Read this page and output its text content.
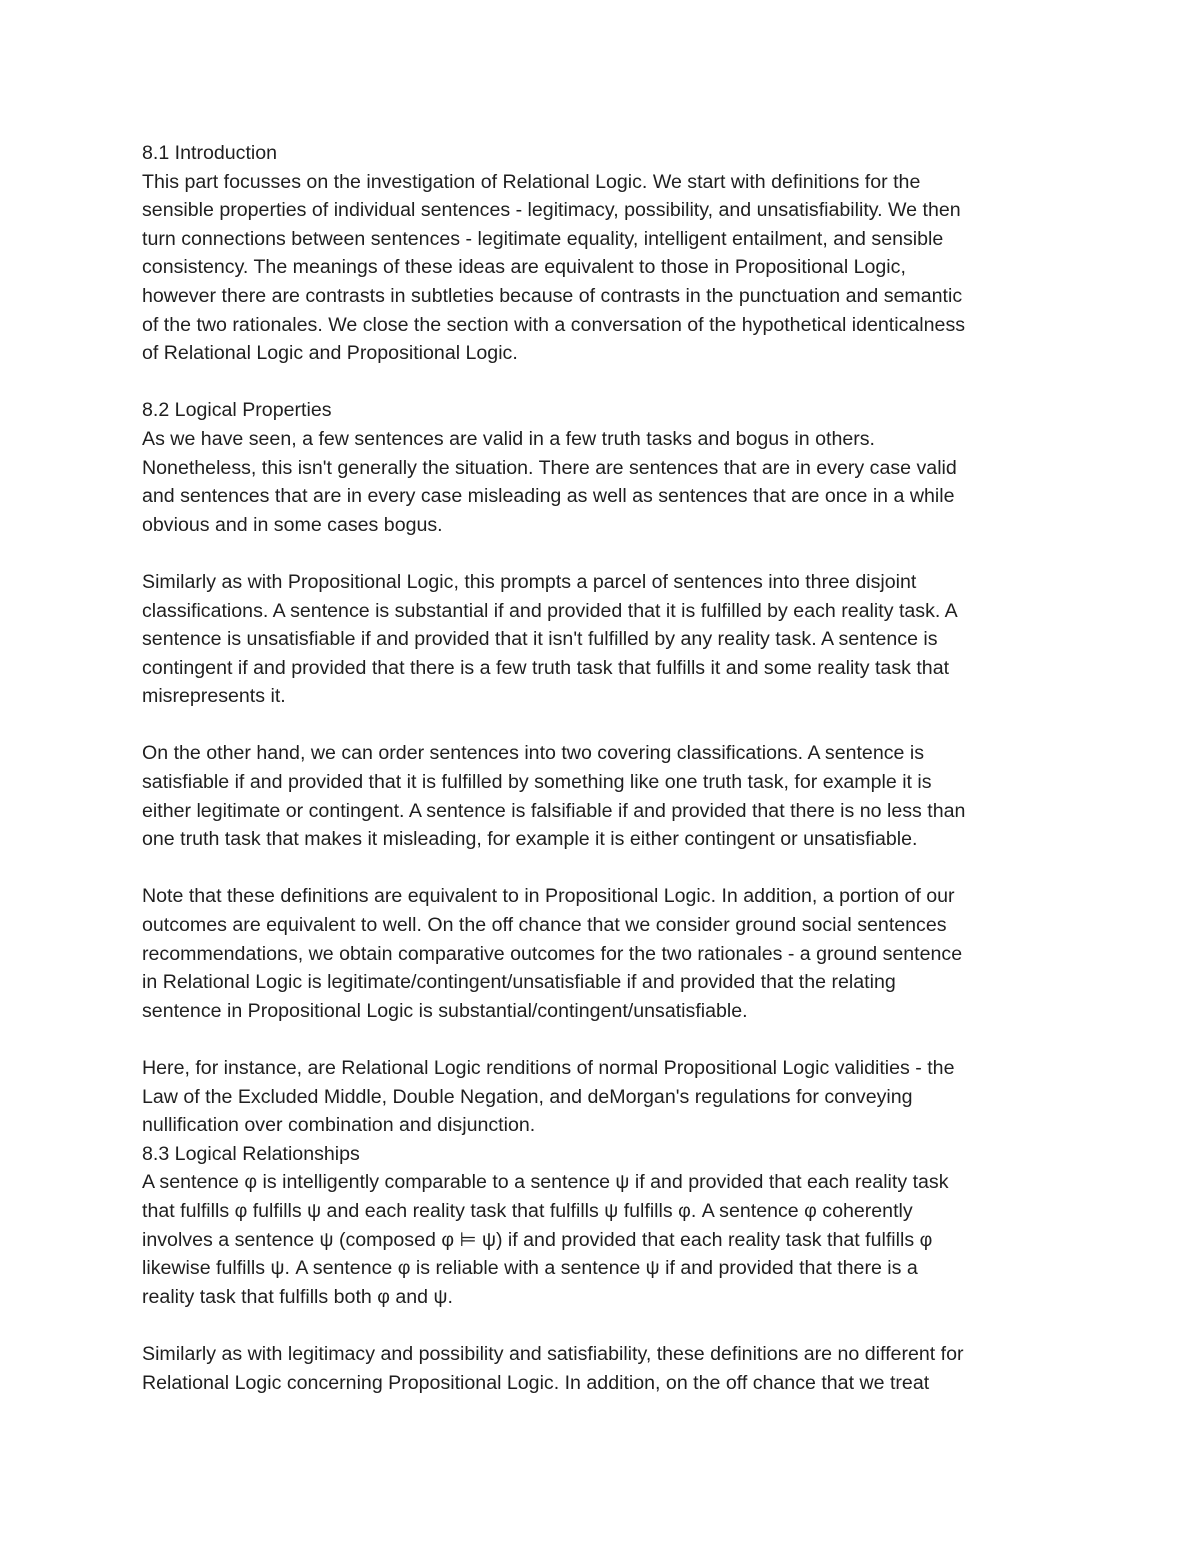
8.1 Introduction
This part focusses on the investigation of Relational Logic. We start with definitions for the
sensible properties of individual sentences - legitimacy, possibility, and unsatisfiability. We then
turn connections between sentences - legitimate equality, intelligent entailment, and sensible
consistency. The meanings of these ideas are equivalent to those in Propositional Logic,
however there are contrasts in subtleties because of contrasts in the punctuation and semantic
of the two rationales. We close the section with a conversation of the hypothetical identicalness
of Relational Logic and Propositional Logic.
8.2 Logical Properties
As we have seen, a few sentences are valid in a few truth tasks and bogus in others.
Nonetheless, this isn't generally the situation. There are sentences that are in every case valid
and sentences that are in every case misleading as well as sentences that are once in a while
obvious and in some cases bogus.
Similarly as with Propositional Logic, this prompts a parcel of sentences into three disjoint
classifications. A sentence is substantial if and provided that it is fulfilled by each reality task. A
sentence is unsatisfiable if and provided that it isn't fulfilled by any reality task. A sentence is
contingent if and provided that there is a few truth task that fulfills it and some reality task that
misrepresents it.
On the other hand, we can order sentences into two covering classifications. A sentence is
satisfiable if and provided that it is fulfilled by something like one truth task, for example it is
either legitimate or contingent. A sentence is falsifiable if and provided that there is no less than
one truth task that makes it misleading, for example it is either contingent or unsatisfiable.
Note that these definitions are equivalent to in Propositional Logic. In addition, a portion of our
outcomes are equivalent to well. On the off chance that we consider ground social sentences
recommendations, we obtain comparative outcomes for the two rationales - a ground sentence
in Relational Logic is legitimate/contingent/unsatisfiable if and provided that the relating
sentence in Propositional Logic is substantial/contingent/unsatisfiable.
Here, for instance, are Relational Logic renditions of normal Propositional Logic validities - the
Law of the Excluded Middle, Double Negation, and deMorgan's regulations for conveying
nullification over combination and disjunction.
8.3 Logical Relationships
A sentence φ is intelligently comparable to a sentence ψ if and provided that each reality task
that fulfills φ fulfills ψ and each reality task that fulfills ψ fulfills φ. A sentence φ coherently
involves a sentence ψ (composed φ ⊨ ψ) if and provided that each reality task that fulfills φ
likewise fulfills ψ. A sentence φ is reliable with a sentence ψ if and provided that there is a
reality task that fulfills both φ and ψ.
Similarly as with legitimacy and possibility and satisfiability, these definitions are no different for
Relational Logic concerning Propositional Logic. In addition, on the off chance that we treat
